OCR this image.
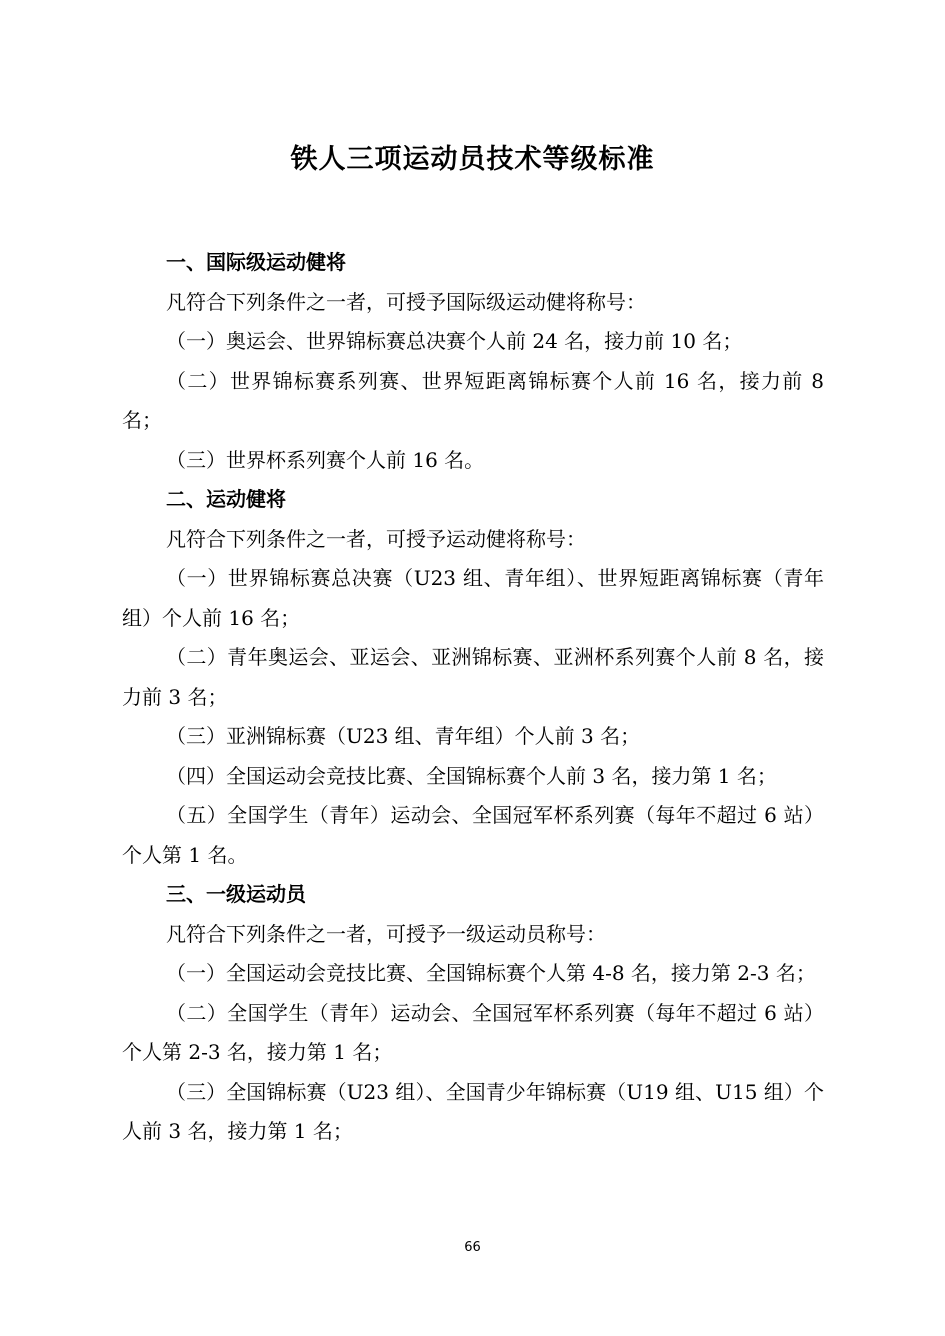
铁人三项运动员技术等级标准

一、国际级运动健将

凡符合下列条件之一者，可授予国际级运动健将称号：

（一）奥运会、世界锦标赛总决赛个人前 24 名，接力前 10 名；

（二）世界锦标赛系列赛、世界短距离锦标赛个人前 16 名，接力前 8 名；

（三）世界杯系列赛个人前 16 名。

二、运动健将

凡符合下列条件之一者，可授予运动健将称号：

（一）世界锦标赛总决赛（U23 组、青年组）、世界短距离锦标赛（青年组）个人前 16 名；

（二）青年奥运会、亚运会、亚洲锦标赛、亚洲杯系列赛个人前 8 名，接力前 3 名；

（三）亚洲锦标赛（U23 组、青年组）个人前 3 名；

（四）全国运动会竞技比赛、全国锦标赛个人前 3 名，接力第 1 名；

（五）全国学生（青年）运动会、全国冠军杯系列赛（每年不超过 6 站）个人第 1 名。

三、一级运动员

凡符合下列条件之一者，可授予一级运动员称号：

（一）全国运动会竞技比赛、全国锦标赛个人第 4-8 名，接力第 2-3 名；

（二）全国学生（青年）运动会、全国冠军杯系列赛（每年不超过 6 站）个人第 2-3 名，接力第 1 名；

（三）全国锦标赛（U23 组）、全国青少年锦标赛（U19 组、U15 组）个人前 3 名，接力第 1 名；

66
